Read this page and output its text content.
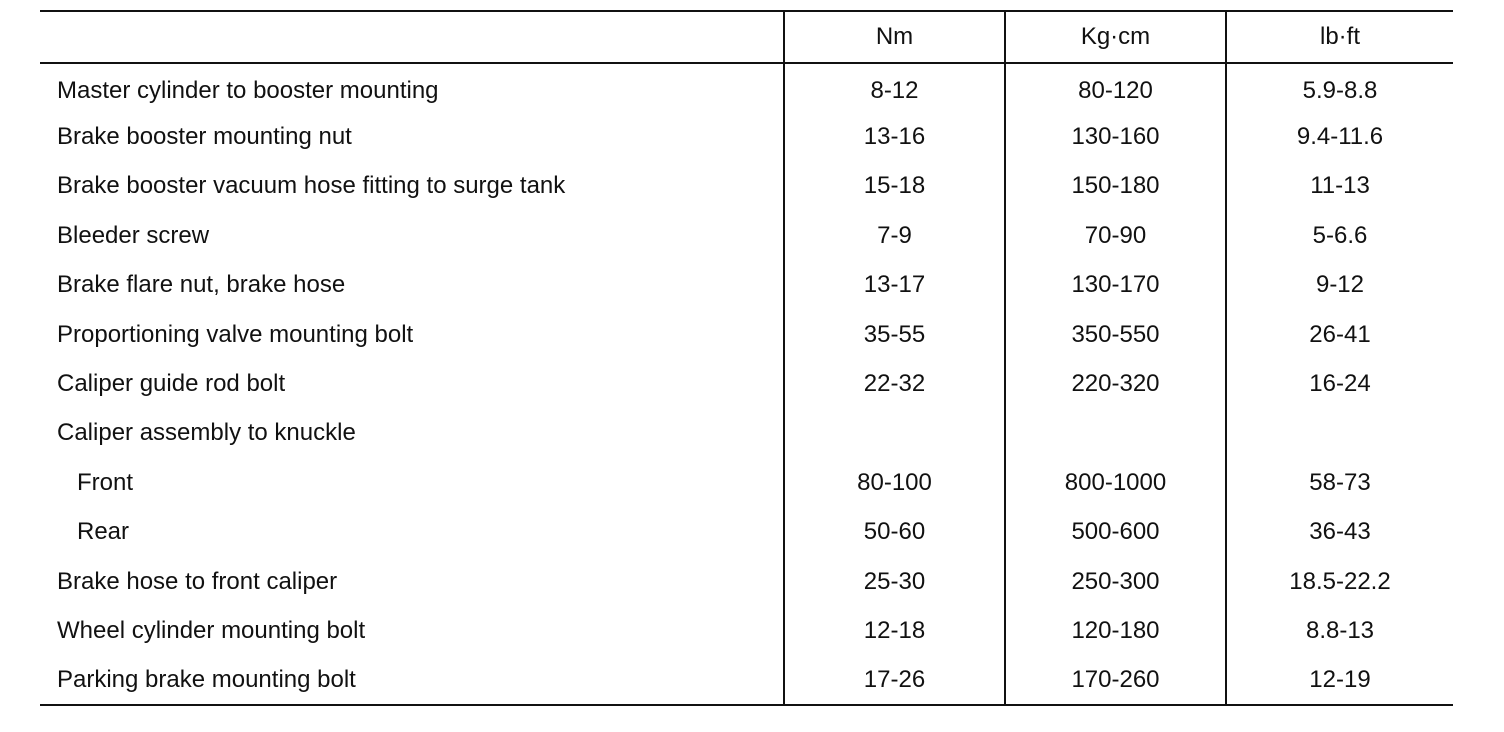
	Nm	Kg·cm	lb·ft
Master cylinder to booster mounting	8-12	80-120	5.9-8.8
Brake booster mounting nut	13-16	130-160	9.4-11.6
Brake booster vacuum hose fitting to surge tank	15-18	150-180	11-13
Bleeder screw	7-9	70-90	5-6.6
Brake flare nut, brake hose	13-17	130-170	9-12
Proportioning valve mounting bolt	35-55	350-550	26-41
Caliper guide rod bolt	22-32	220-320	16-24
Caliper assembly to knuckle			
Front	80-100	800-1000	58-73
Rear	50-60	500-600	36-43
Brake hose to front caliper	25-30	250-300	18.5-22.2
Wheel cylinder mounting bolt	12-18	120-180	8.8-13
Parking brake mounting bolt	17-26	170-260	12-19
